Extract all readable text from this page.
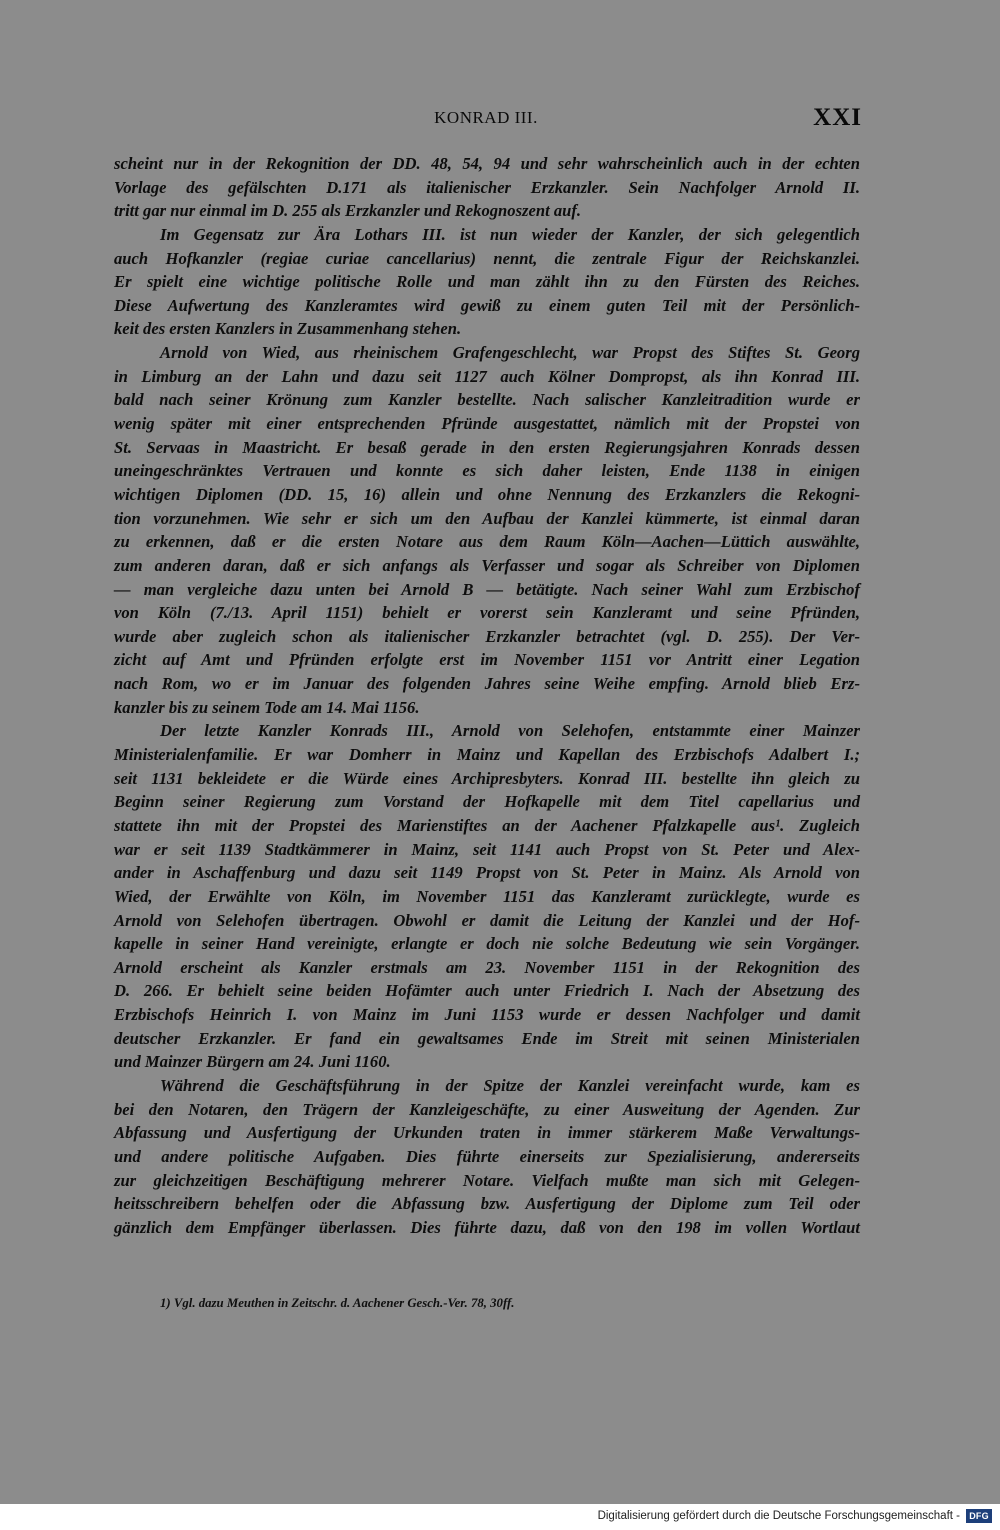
KONRAD III.	XXI
scheint nur in der Rekognition der DD. 48, 54, 94 und sehr wahrscheinlich auch in der echten
Vorlage des gefälschten D.171 als italienischer Erzkanzler. Sein Nachfolger Arnold II.
tritt gar nur einmal im D. 255 als Erzkanzler und Rekognoszent auf.
Im Gegensatz zur Ära Lothars III. ist nun wieder der Kanzler, der sich gelegentlich
auch Hofkanzler (regiae curiae cancellarius) nennt, die zentrale Figur der Reichskanzlei.
Er spielt eine wichtige politische Rolle und man zählt ihn zu den Fürsten des Reiches.
Diese Aufwertung des Kanzleramtes wird gewiß zu einem guten Teil mit der Persönlich-
keit des ersten Kanzlers in Zusammenhang stehen.
Arnold von Wied, aus rheinischem Grafengeschlecht, war Propst des Stiftes St. Georg
in Limburg an der Lahn und dazu seit 1127 auch Kölner Dompropst, als ihn Konrad III.
bald nach seiner Krönung zum Kanzler bestellte. Nach salischer Kanzleitradition wurde er
wenig später mit einer entsprechenden Pfründe ausgestattet, nämlich mit der Propstei von
St. Servaas in Maastricht. Er besaß gerade in den ersten Regierungsjahren Konrads dessen
uneingeschränktes Vertrauen und konnte es sich daher leisten, Ende 1138 in einigen
wichtigen Diplomen (DD. 15, 16) allein und ohne Nennung des Erzkanzlers die Rekogni-
tion vorzunehmen. Wie sehr er sich um den Aufbau der Kanzlei kümmerte, ist einmal daran
zu erkennen, daß er die ersten Notare aus dem Raum Köln—Aachen—Lüttich auswählte,
zum anderen daran, daß er sich anfangs als Verfasser und sogar als Schreiber von Diplomen
— man vergleiche dazu unten bei Arnold B — betätigte. Nach seiner Wahl zum Erzbischof
von Köln (7./13. April 1151) behielt er vorerst sein Kanzleramt und seine Pfründen,
wurde aber zugleich schon als italienischer Erzkanzler betrachtet (vgl. D. 255). Der Ver-
zicht auf Amt und Pfründen erfolgte erst im November 1151 vor Antritt einer Legation
nach Rom, wo er im Januar des folgenden Jahres seine Weihe empfing. Arnold blieb Erz-
kanzler bis zu seinem Tode am 14. Mai 1156.
Der letzte Kanzler Konrads III., Arnold von Selehofen, entstammte einer Mainzer
Ministerialenfamilie. Er war Domherr in Mainz und Kapellan des Erzbischofs Adalbert I.;
seit 1131 bekleidete er die Würde eines Archipresbyters. Konrad III. bestellte ihn gleich zu
Beginn seiner Regierung zum Vorstand der Hofkapelle mit dem Titel capellarius und
stattete ihn mit der Propstei des Marienstiftes an der Aachener Pfalzkapelle aus¹. Zugleich
war er seit 1139 Stadtkämmerer in Mainz, seit 1141 auch Propst von St. Peter und Alex-
ander in Aschaffenburg und dazu seit 1149 Propst von St. Peter in Mainz. Als Arnold von
Wied, der Erwählte von Köln, im November 1151 das Kanzleramt zurücklegte, wurde es
Arnold von Selehofen übertragen. Obwohl er damit die Leitung der Kanzlei und der Hof-
kapelle in seiner Hand vereinigte, erlangte er doch nie solche Bedeutung wie sein Vorgänger.
Arnold erscheint als Kanzler erstmals am 23. November 1151 in der Rekognition des
D. 266. Er behielt seine beiden Hofämter auch unter Friedrich I. Nach der Absetzung des
Erzbischofs Heinrich I. von Mainz im Juni 1153 wurde er dessen Nachfolger und damit
deutscher Erzkanzler. Er fand ein gewaltsames Ende im Streit mit seinen Ministerialen
und Mainzer Bürgern am 24. Juni 1160.
Während die Geschäftsführung in der Spitze der Kanzlei vereinfacht wurde, kam es
bei den Notaren, den Trägern der Kanzleigeschäfte, zu einer Ausweitung der Agenden. Zur
Abfassung und Ausfertigung der Urkunden traten in immer stärkerem Maße Verwaltungs-
und andere politische Aufgaben. Dies führte einerseits zur Spezialisierung, andererseits
zur gleichzeitigen Beschäftigung mehrerer Notare. Vielfach mußte man sich mit Gelegen-
heitsschreibern behelfen oder die Abfassung bzw. Ausfertigung der Diplome zum Teil oder
gänzlich dem Empfänger überlassen. Dies führte dazu, daß von den 198 im vollen Wortlaut
1) Vgl. dazu Meuthen in Zeitschr. d. Aachener Gesch.-Ver. 78, 30ff.
Digitalisierung gefördert durch die Deutsche Forschungsgemeinschaft -	DFG
